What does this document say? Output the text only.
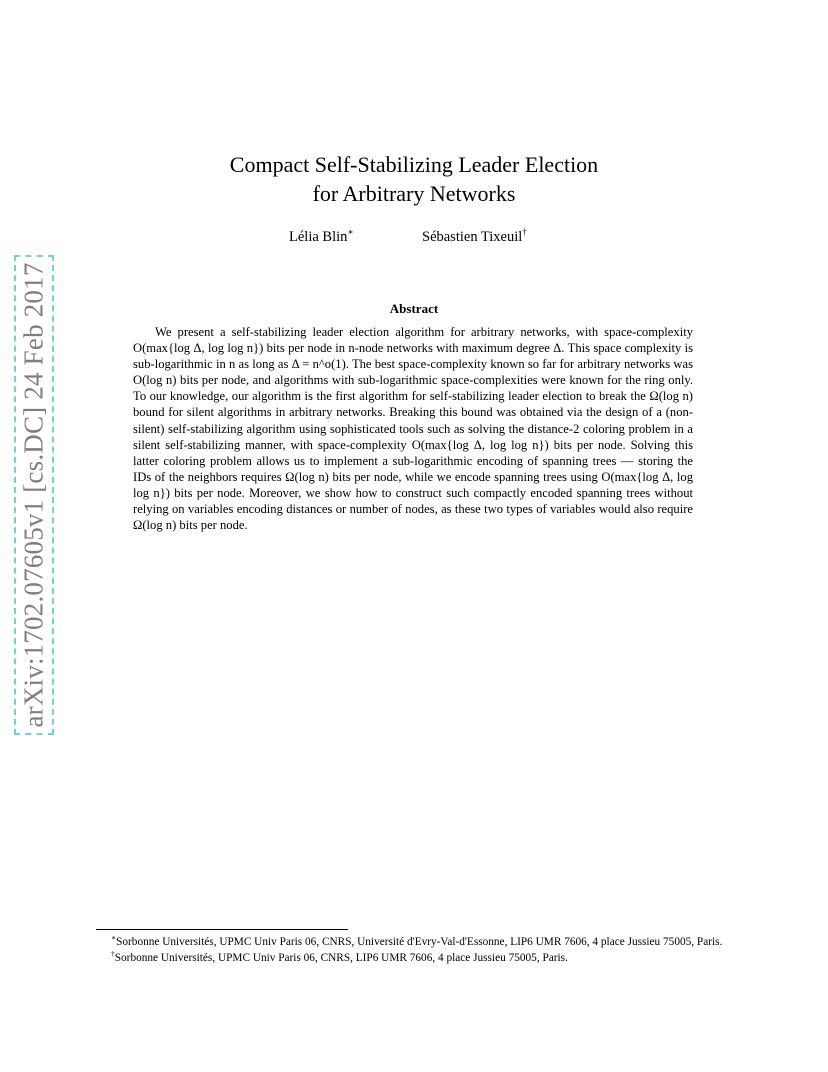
arXiv:1702.07605v1 [cs.DC] 24 Feb 2017
Compact Self-Stabilizing Leader Election
for Arbitrary Networks
Lélia Blin∗	Sébastien Tixeuil†
Abstract

We present a self-stabilizing leader election algorithm for arbitrary networks, with space-complexity O(max{log Δ, log log n}) bits per node in n-node networks with maximum degree Δ. This space complexity is sub-logarithmic in n as long as Δ = n^o(1). The best space-complexity known so far for arbitrary networks was O(log n) bits per node, and algorithms with sub-logarithmic space-complexities were known for the ring only. To our knowledge, our algorithm is the first algorithm for self-stabilizing leader election to break the Ω(log n) bound for silent algorithms in arbitrary networks. Breaking this bound was obtained via the design of a (non-silent) self-stabilizing algorithm using sophisticated tools such as solving the distance-2 coloring problem in a silent self-stabilizing manner, with space-complexity O(max{log Δ, log log n}) bits per node. Solving this latter coloring problem allows us to implement a sub-logarithmic encoding of spanning trees — storing the IDs of the neighbors requires Ω(log n) bits per node, while we encode spanning trees using O(max{log Δ, log log n}) bits per node. Moreover, we show how to construct such compactly encoded spanning trees without relying on variables encoding distances or number of nodes, as these two types of variables would also require Ω(log n) bits per node.

∗Sorbonne Universités, UPMC Univ Paris 06, CNRS, Université d'Evry-Val-d'Essonne, LIP6 UMR 7606, 4 place Jussieu 75005, Paris.

†Sorbonne Universités, UPMC Univ Paris 06, CNRS, LIP6 UMR 7606, 4 place Jussieu 75005, Paris.
